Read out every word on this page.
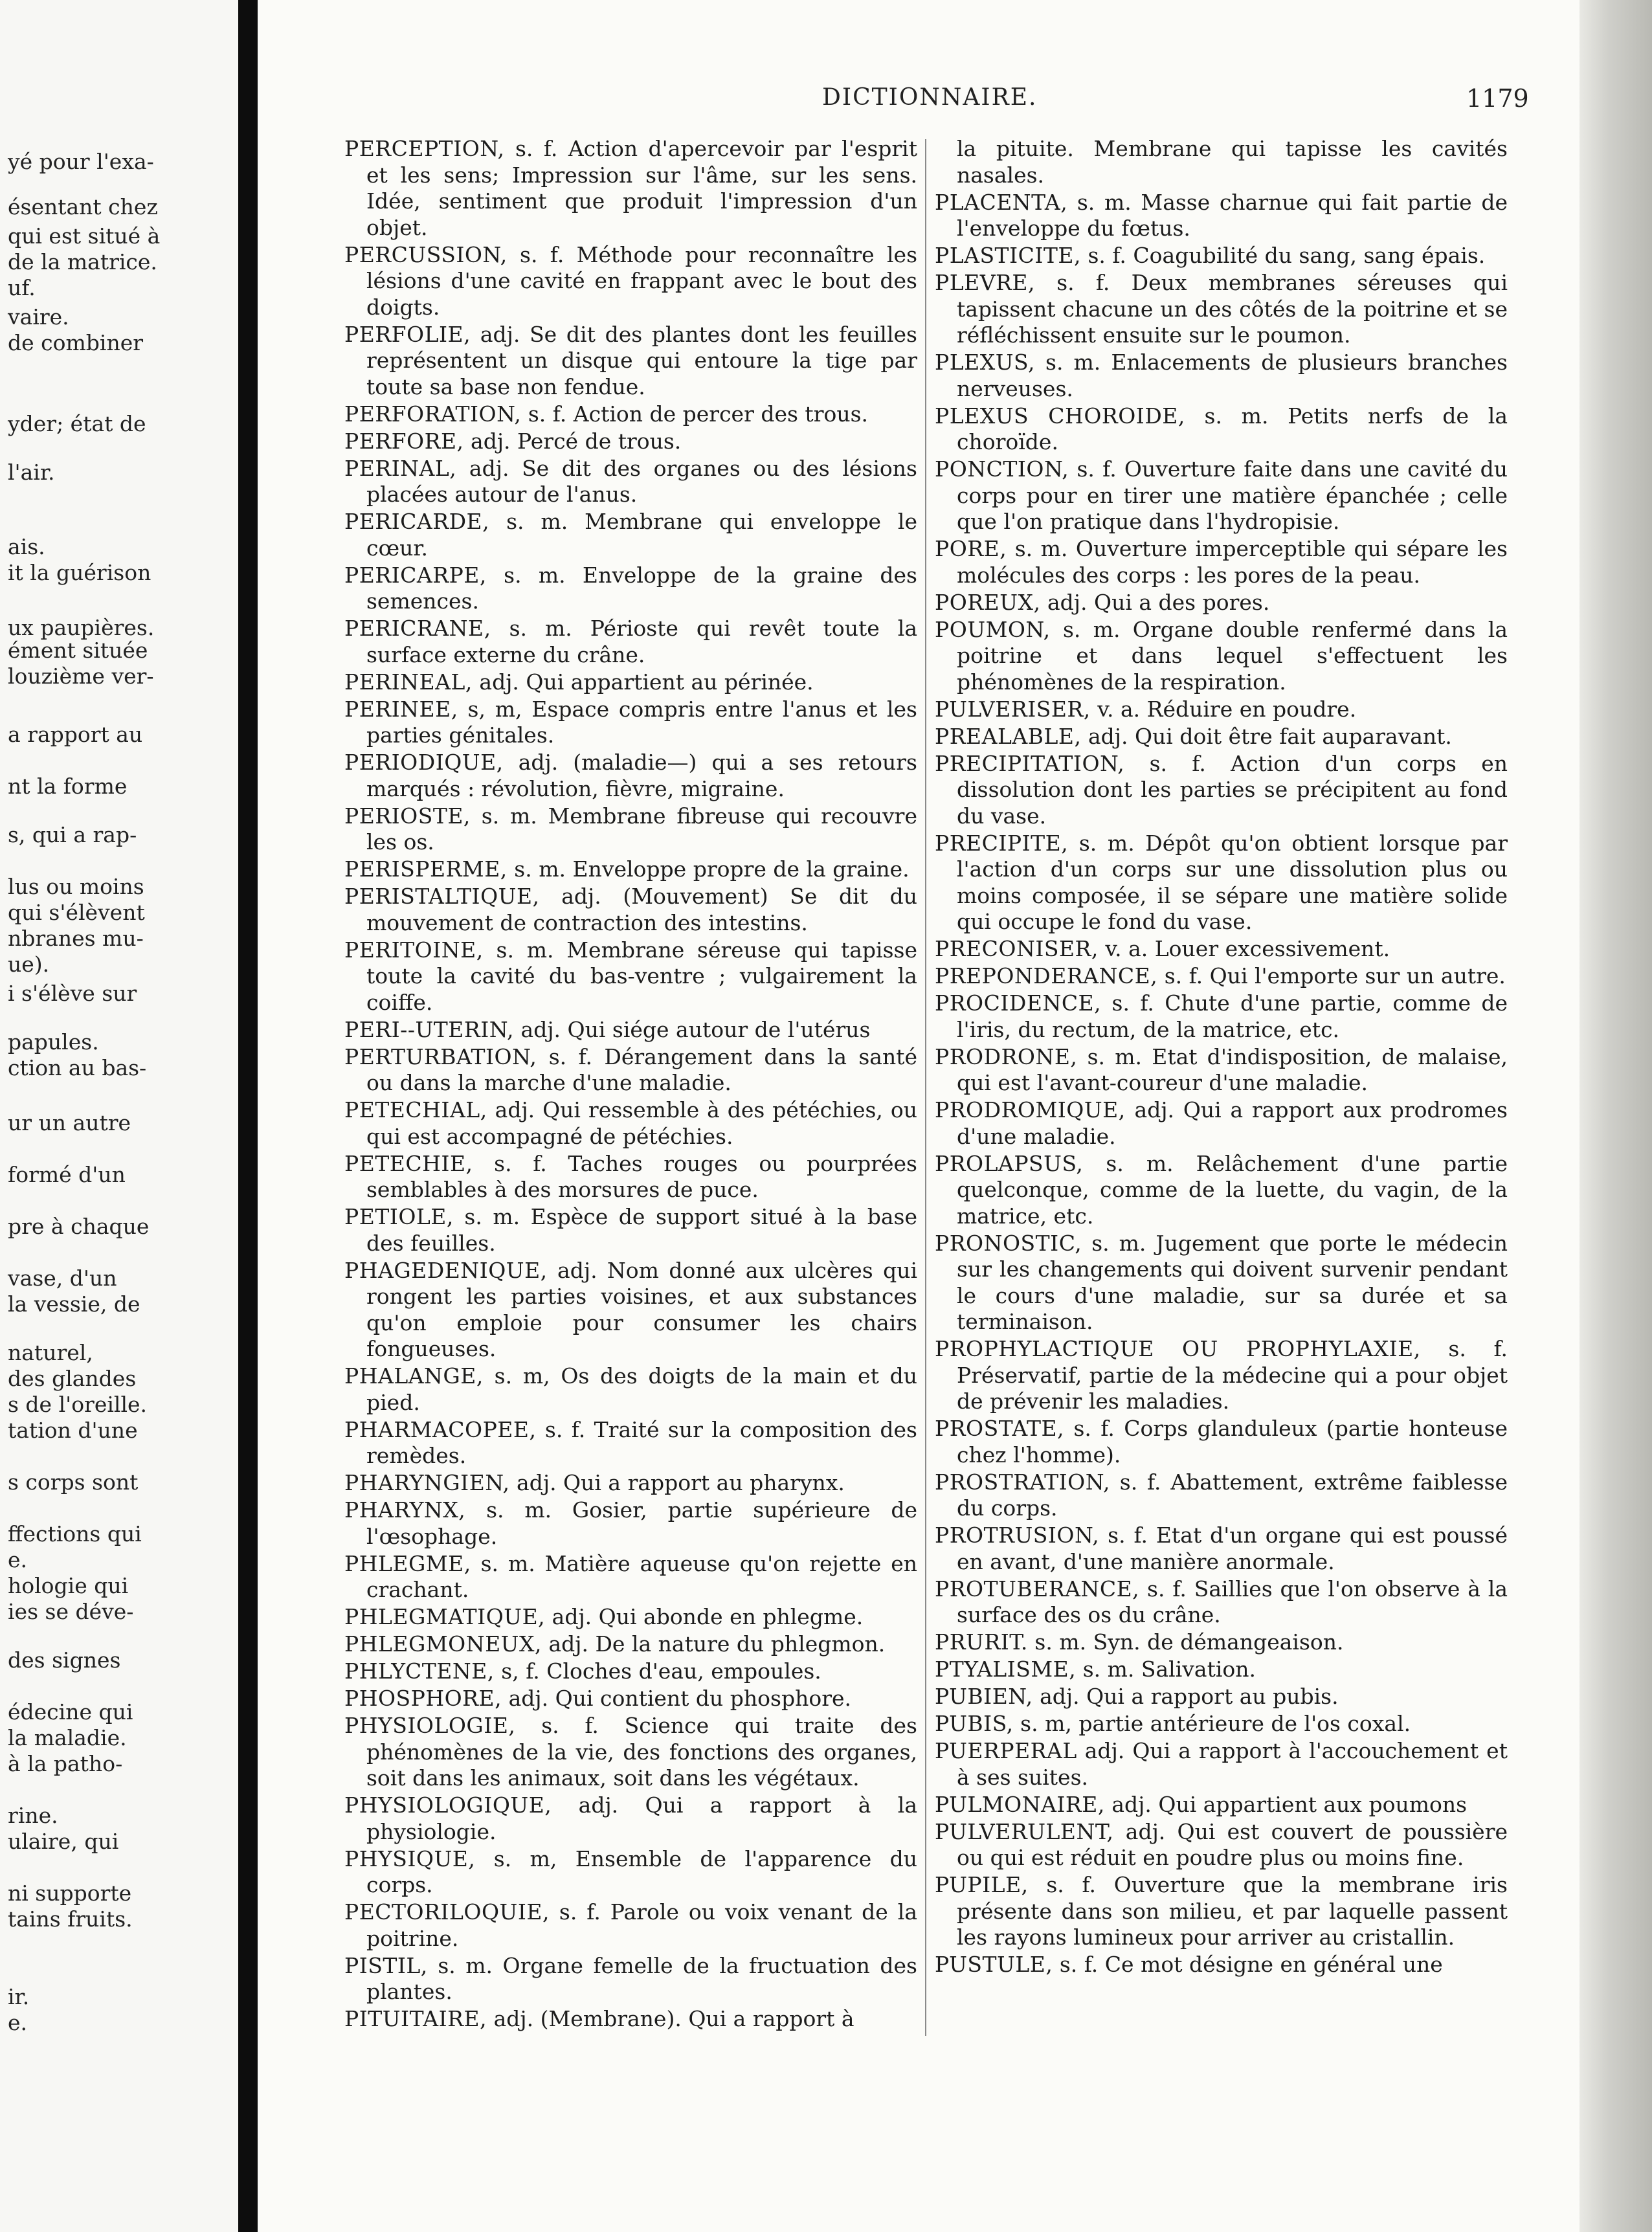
yé pour l'exa-
ésentant chez
qui est situé à
de la matrice.
uf.
vaire.
de combiner
yder; état de
l'air.
ais.
it la guérison
ux paupières.
ément située
louzième ver-
a rapport au
nt la forme
s, qui a rap-
lus ou moins
qui s'élèvent
nbranes mu-
ue).
i s'élève sur
papules.
ction au bas-
ur un autre
formé d'un
pre à chaque
vase, d'un
la vessie, de
naturel,
des glandes
s de l'oreille.
tation d'une
s corps sont
ffections qui
e.
hologie qui
ies se déve-
des signes
édecine qui
la maladie.
à la patho-
rine.
ulaire, qui
ni supporte
tains fruits.
ir.
e.
DICTIONNAIRE.	1179

PERCEPTION, s. f. Action d'apercevoir par l'esprit et les sens; Impression sur l'âme, sur les sens. Idée, sentiment que produit l'impression d'un objet.

PERCUSSION, s. f. Méthode pour reconnaître les lésions d'une cavité en frappant avec le bout des doigts.

PERFOLIE, adj. Se dit des plantes dont les feuilles représentent un disque qui entoure la tige par toute sa base non fendue.

PERFORATION, s. f. Action de percer des trous.

PERFORE, adj. Percé de trous.

PERINAL, adj. Se dit des organes ou des lésions placées autour de l'anus.

PERICARDE, s. m. Membrane qui enveloppe le cœur.

PERICARPE, s. m. Enveloppe de la graine des semences.

PERICRANE, s. m. Périoste qui revêt toute la surface externe du crâne.

PERINEAL, adj. Qui appartient au périnée.

PERINEE, s, m, Espace compris entre l'anus et les parties génitales.

PERIODIQUE, adj. (maladie—) qui a ses retours marqués : révolution, fièvre, migraine.

PERIOSTE, s. m. Membrane fibreuse qui recouvre les os.

PERISPERME, s. m. Enveloppe propre de la graine.

PERISTALTIQUE, adj. (Mouvement) Se dit du mouvement de contraction des intestins.

PERITOINE, s. m. Membrane séreuse qui tapisse toute la cavité du bas-ventre ; vulgairement la coiffe.

PERI--UTERIN, adj. Qui siége autour de l'utérus

PERTURBATION, s. f. Dérangement dans la santé ou dans la marche d'une maladie.

PETECHIAL, adj. Qui ressemble à des pétéchies, ou qui est accompagné de pétéchies.

PETECHIE, s. f. Taches rouges ou pourprées semblables à des morsures de puce.

PETIOLE, s. m. Espèce de support situé à la base des feuilles.

PHAGEDENIQUE, adj. Nom donné aux ulcères qui rongent les parties voisines, et aux substances qu'on emploie pour consumer les chairs fongueuses.

PHALANGE, s. m, Os des doigts de la main et du pied.

PHARMACOPEE, s. f. Traité sur la composition des remèdes.

PHARYNGIEN, adj. Qui a rapport au pharynx.

PHARYNX, s. m. Gosier, partie supérieure de l'œsophage.

PHLEGME, s. m. Matière aqueuse qu'on rejette en crachant.

PHLEGMATIQUE, adj. Qui abonde en phlegme.

PHLEGMONEUX, adj. De la nature du phlegmon.

PHLYCTENE, s, f. Cloches d'eau, empoules.

PHOSPHORE, adj. Qui contient du phosphore.

PHYSIOLOGIE, s. f. Science qui traite des phénomènes de la vie, des fonctions des organes, soit dans les animaux, soit dans les végétaux.

PHYSIOLOGIQUE, adj. Qui a rapport à la physiologie.

PHYSIQUE, s. m, Ensemble de l'apparence du corps.

PECTORILOQUIE, s. f. Parole ou voix venant de la poitrine.

PISTIL, s. m. Organe femelle de la fructuation des plantes.

PITUITAIRE, adj. (Membrane). Qui a rapport à

la pituite. Membrane qui tapisse les cavités nasales.

PLACENTA, s. m. Masse charnue qui fait partie de l'enveloppe du fœtus.

PLASTICITE, s. f. Coagubilité du sang, sang épais.

PLEVRE, s. f. Deux membranes séreuses qui tapissent chacune un des côtés de la poitrine et se réfléchissent ensuite sur le poumon.

PLEXUS, s. m. Enlacements de plusieurs branches nerveuses.

PLEXUS CHOROIDE, s. m. Petits nerfs de la choroïde.

PONCTION, s. f. Ouverture faite dans une cavité du corps pour en tirer une matière épanchée ; celle que l'on pratique dans l'hydropisie.

PORE, s. m. Ouverture imperceptible qui sépare les molécules des corps : les pores de la peau.

POREUX, adj. Qui a des pores.

POUMON, s. m. Organe double renfermé dans la poitrine et dans lequel s'effectuent les phénomènes de la respiration.

PULVERISER, v. a. Réduire en poudre.

PREALABLE, adj. Qui doit être fait auparavant.

PRECIPITATION, s. f. Action d'un corps en dissolution dont les parties se précipitent au fond du vase.

PRECIPITE, s. m. Dépôt qu'on obtient lorsque par l'action d'un corps sur une dissolution plus ou moins composée, il se sépare une matière solide qui occupe le fond du vase.

PRECONISER, v. a. Louer excessivement.

PREPONDERANCE, s. f. Qui l'emporte sur un autre.

PROCIDENCE, s. f. Chute d'une partie, comme de l'iris, du rectum, de la matrice, etc.

PRODRONE, s. m. Etat d'indisposition, de malaise, qui est l'avant-coureur d'une maladie.

PRODROMIQUE, adj. Qui a rapport aux prodromes d'une maladie.

PROLAPSUS, s. m. Relâchement d'une partie quelconque, comme de la luette, du vagin, de la matrice, etc.

PRONOSTIC, s. m. Jugement que porte le médecin sur les changements qui doivent survenir pendant le cours d'une maladie, sur sa durée et sa terminaison.

PROPHYLACTIQUE OU PROPHYLAXIE, s. f. Préservatif, partie de la médecine qui a pour objet de prévenir les maladies.

PROSTATE, s. f. Corps glanduleux (partie honteuse chez l'homme).

PROSTRATION, s. f. Abattement, extrême faiblesse du corps.

PROTRUSION, s. f. Etat d'un organe qui est poussé en avant, d'une manière anormale.

PROTUBERANCE, s. f. Saillies que l'on observe à la surface des os du crâne.

PRURIT. s. m. Syn. de démangeaison.

PTYALISME, s. m. Salivation.

PUBIEN, adj. Qui a rapport au pubis.

PUBIS, s. m, partie antérieure de l'os coxal.

PUERPERAL adj. Qui a rapport à l'accouchement et à ses suites.

PULMONAIRE, adj. Qui appartient aux poumons

PULVERULENT, adj. Qui est couvert de poussière ou qui est réduit en poudre plus ou moins fine.

PUPILE, s. f. Ouverture que la membrane iris présente dans son milieu, et par laquelle passent les rayons lumineux pour arriver au cristallin.

PUSTULE, s. f. Ce mot désigne en général une
